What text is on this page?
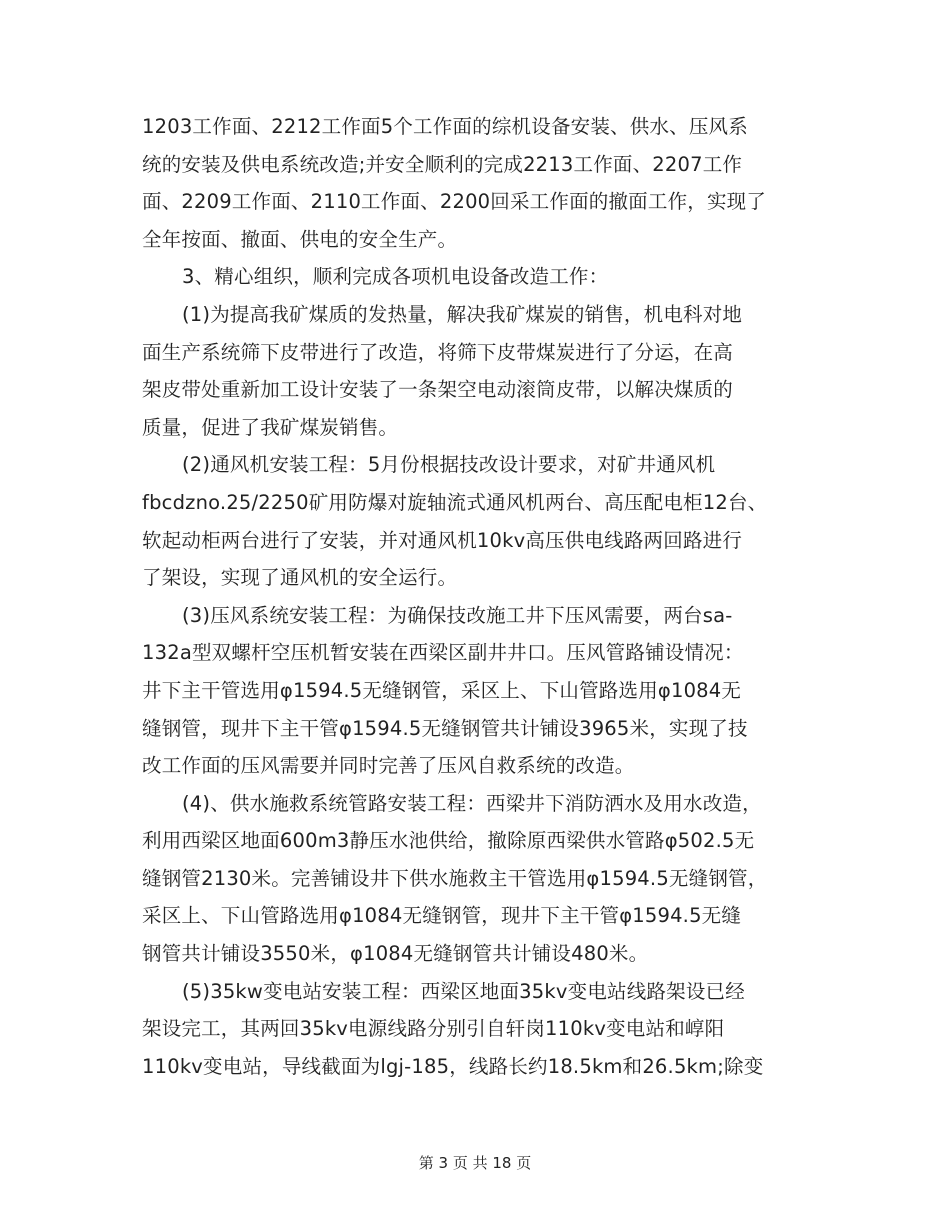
1203工作面、2212工作面5个工作面的综机设备安装、供水、压风系
统的安装及供电系统改造;并安全顺利的完成2213工作面、2207工作
面、2209工作面、2110工作面、2200回采工作面的撤面工作，实现了
全年按面、撤面、供电的安全生产。
3、精心组织，顺利完成各项机电设备改造工作：
(1)为提高我矿煤质的发热量，解决我矿煤炭的销售，机电科对地
面生产系统筛下皮带进行了改造，将筛下皮带煤炭进行了分运，在高
架皮带处重新加工设计安装了一条架空电动滚筒皮带，以解决煤质的
质量，促进了我矿煤炭销售。
(2)通风机安装工程：5月份根据技改设计要求，对矿井通风机
fbcdzno.25/2250矿用防爆对旋轴流式通风机两台、高压配电柜12台、
软起动柜两台进行了安装，并对通风机10kv高压供电线路两回路进行
了架设，实现了通风机的安全运行。
(3)压风系统安装工程：为确保技改施工井下压风需要，两台sa-
132a型双螺杆空压机暂安装在西梁区副井井口。压风管路铺设情况：
井下主干管选用φ1594.5无缝钢管，采区上、下山管路选用φ1084无
缝钢管，现井下主干管φ1594.5无缝钢管共计铺设3965米，实现了技
改工作面的压风需要并同时完善了压风自救系统的改造。
(4)、供水施救系统管路安装工程：西梁井下消防洒水及用水改造，
利用西梁区地面600m3静压水池供给，撤除原西梁供水管路φ502.5无
缝钢管2130米。完善铺设井下供水施救主干管选用φ1594.5无缝钢管，
采区上、下山管路选用φ1084无缝钢管，现井下主干管φ1594.5无缝
钢管共计铺设3550米，φ1084无缝钢管共计铺设480米。
(5)35kw变电站安装工程：西梁区地面35kv变电站线路架设已经
架设完工，其两回35kv电源线路分别引自轩岗110kv变电站和崞阳
110kv变电站，导线截面为lgj-185，线路长约18.5km和26.5km;除变
第 3 页 共 18 页
